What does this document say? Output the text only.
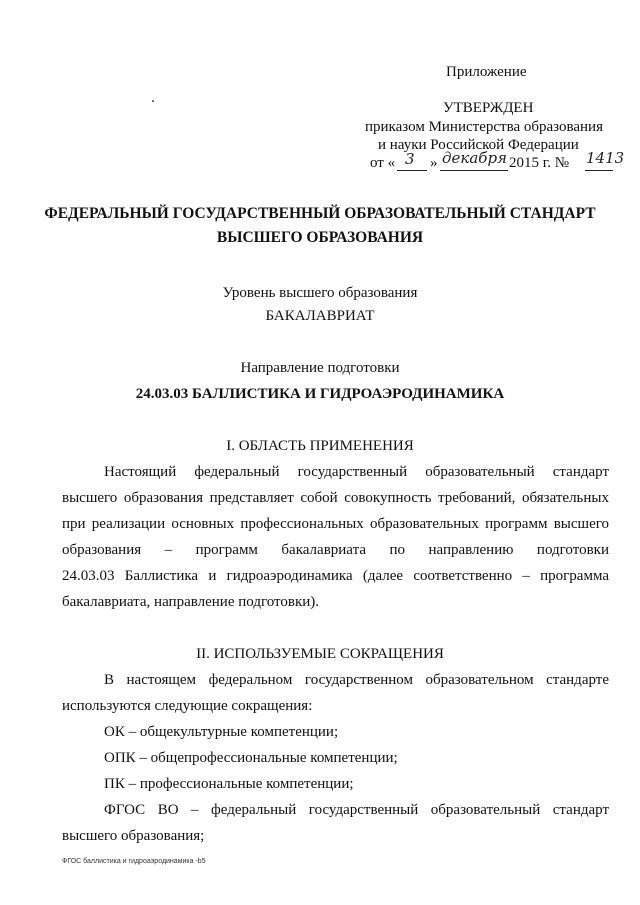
Приложение
УТВЕРЖДЕН
приказом Министерства образования
и науки Российской Федерации
от « 3 » декабря 2015 г. № 1413
ФЕДЕРАЛЬНЫЙ ГОСУДАРСТВЕННЫЙ ОБРАЗОВАТЕЛЬНЫЙ СТАНДАРТ
ВЫСШЕГО ОБРАЗОВАНИЯ
Уровень высшего образования
БАКАЛАВРИАТ
Направление подготовки
24.03.03 БАЛЛИСТИКА И ГИДРОАЭРОДИНАМИКА
I. ОБЛАСТЬ ПРИМЕНЕНИЯ
Настоящий федеральный государственный образовательный стандарт
высшего образования представляет собой совокупность требований, обязательных
при реализации основных профессиональных образовательных программ высшего
образования – программ бакалавриата по направлению подготовки
24.03.03 Баллистика и гидроаэродинамика (далее соответственно – программа
бакалавриата, направление подготовки).
II. ИСПОЛЬЗУЕМЫЕ СОКРАЩЕНИЯ
В настоящем федеральном государственном образовательном стандарте
используются следующие сокращения:
ОК – общекультурные компетенции;
ОПК – общепрофессиональные компетенции;
ПК – профессиональные компетенции;
ФГОС ВО – федеральный государственный образовательный стандарт
высшего образования;
ФГОС баллистика и гидроаэродинамика -b5
